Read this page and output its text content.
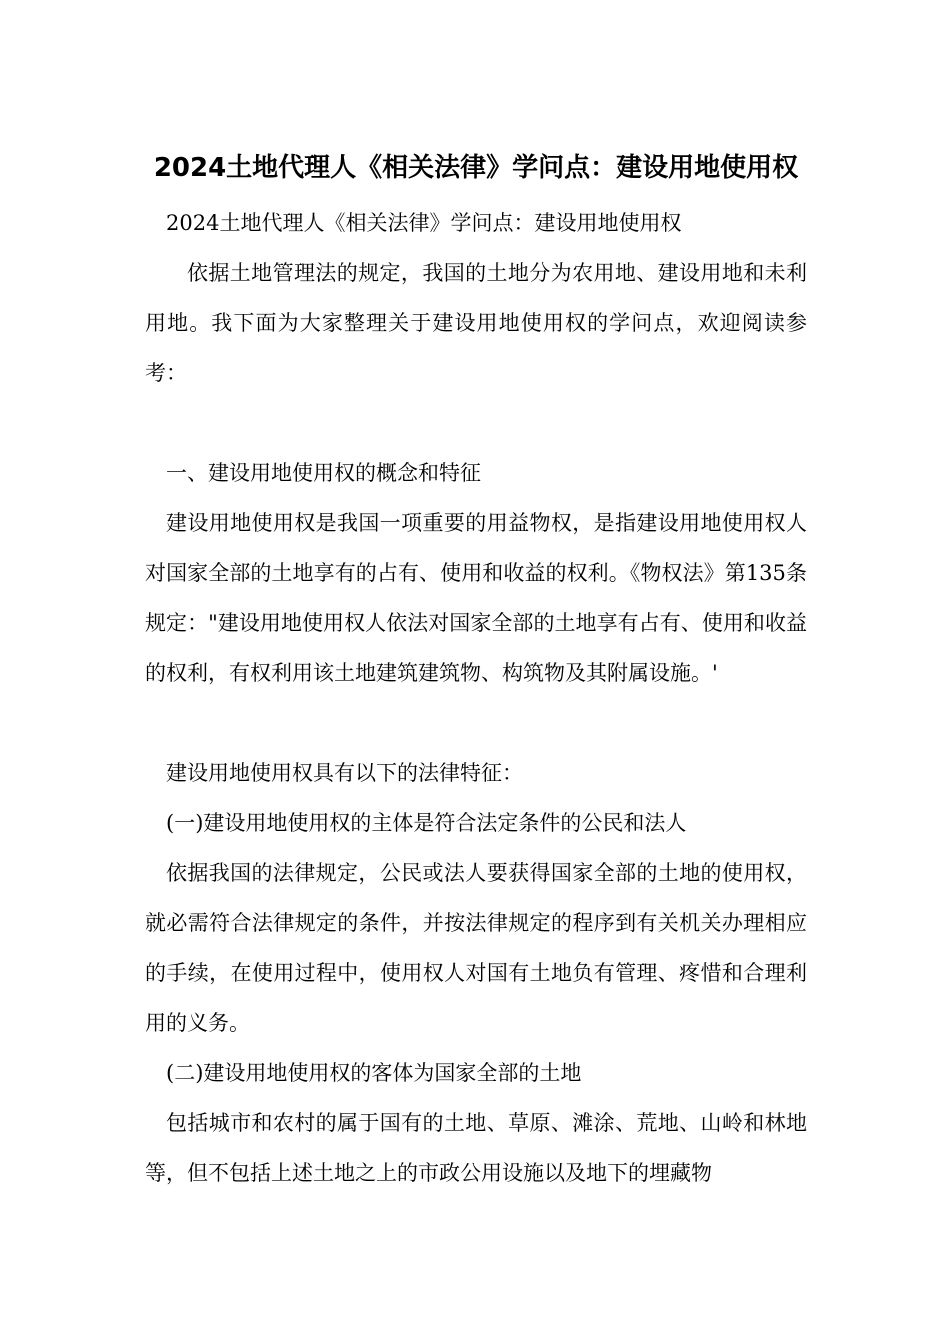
2024土地代理人《相关法律》学问点：建设用地使用权

2024土地代理人《相关法律》学问点：建设用地使用权

依据土地管理法的规定，我国的土地分为农用地、建设用地和未利用地。我下面为大家整理关于建设用地使用权的学问点，欢迎阅读参考：

一、建设用地使用权的概念和特征

建设用地使用权是我国一项重要的用益物权，是指建设用地使用权人对国家全部的土地享有的占有、使用和收益的权利。《物权法》第135条规定："建设用地使用权人依法对国家全部的土地享有占有、使用和收益的权利，有权利用该土地建筑建筑物、构筑物及其附属设施。'

建设用地使用权具有以下的法律特征：

(一)建设用地使用权的主体是符合法定条件的公民和法人

依据我国的法律规定，公民或法人要获得国家全部的土地的使用权，就必需符合法律规定的条件，并按法律规定的程序到有关机关办理相应的手续，在使用过程中，使用权人对国有土地负有管理、疼惜和合理利用的义务。

(二)建设用地使用权的客体为国家全部的土地

包括城市和农村的属于国有的土地、草原、滩涂、荒地、山岭和林地等，但不包括上述土地之上的市政公用设施以及地下的埋藏物
